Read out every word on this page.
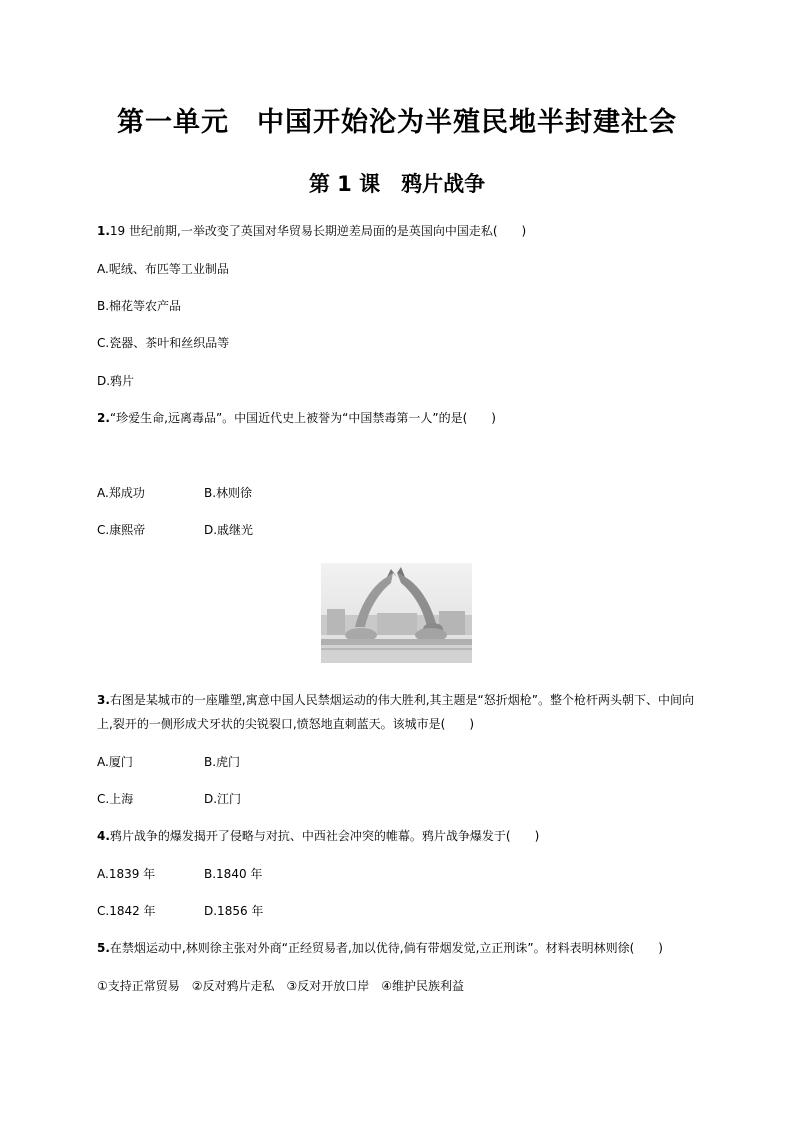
第一单元　中国开始沦为半殖民地半封建社会
第 1 课　鸦片战争
1.19 世纪前期,一举改变了英国对华贸易长期逆差局面的是英国向中国走私(　　)
A.呢绒、布匹等工业制品
B.棉花等农产品
C.瓷器、茶叶和丝织品等
D.鸦片
2.“珍爱生命,远离毒品”。中国近代史上被誉为“中国禁毒第一人”的是(　　)
A.郑成功	B.林则徐
C.康熙帝	D.戚继光
3.右图是某城市的一座雕塑,寓意中国人民禁烟运动的伟大胜利,其主题是“怒折烟枪”。整个枪杆两头朝下、中间向
上,裂开的一侧形成犬牙状的尖锐裂口,愤怒地直刺蓝天。该城市是(　　)
A.厦门	B.虎门
C.上海	D.江门
4.鸦片战争的爆发揭开了侵略与对抗、中西社会冲突的帷幕。鸦片战争爆发于(　　)
A.1839 年	B.1840 年
C.1842 年	D.1856 年
5.在禁烟运动中,林则徐主张对外商“正经贸易者,加以优待,倘有带烟发觉,立正刑诛”。材料表明林则徐(　　)
①支持正常贸易　②反对鸦片走私　③反对开放口岸　④维护民族利益
